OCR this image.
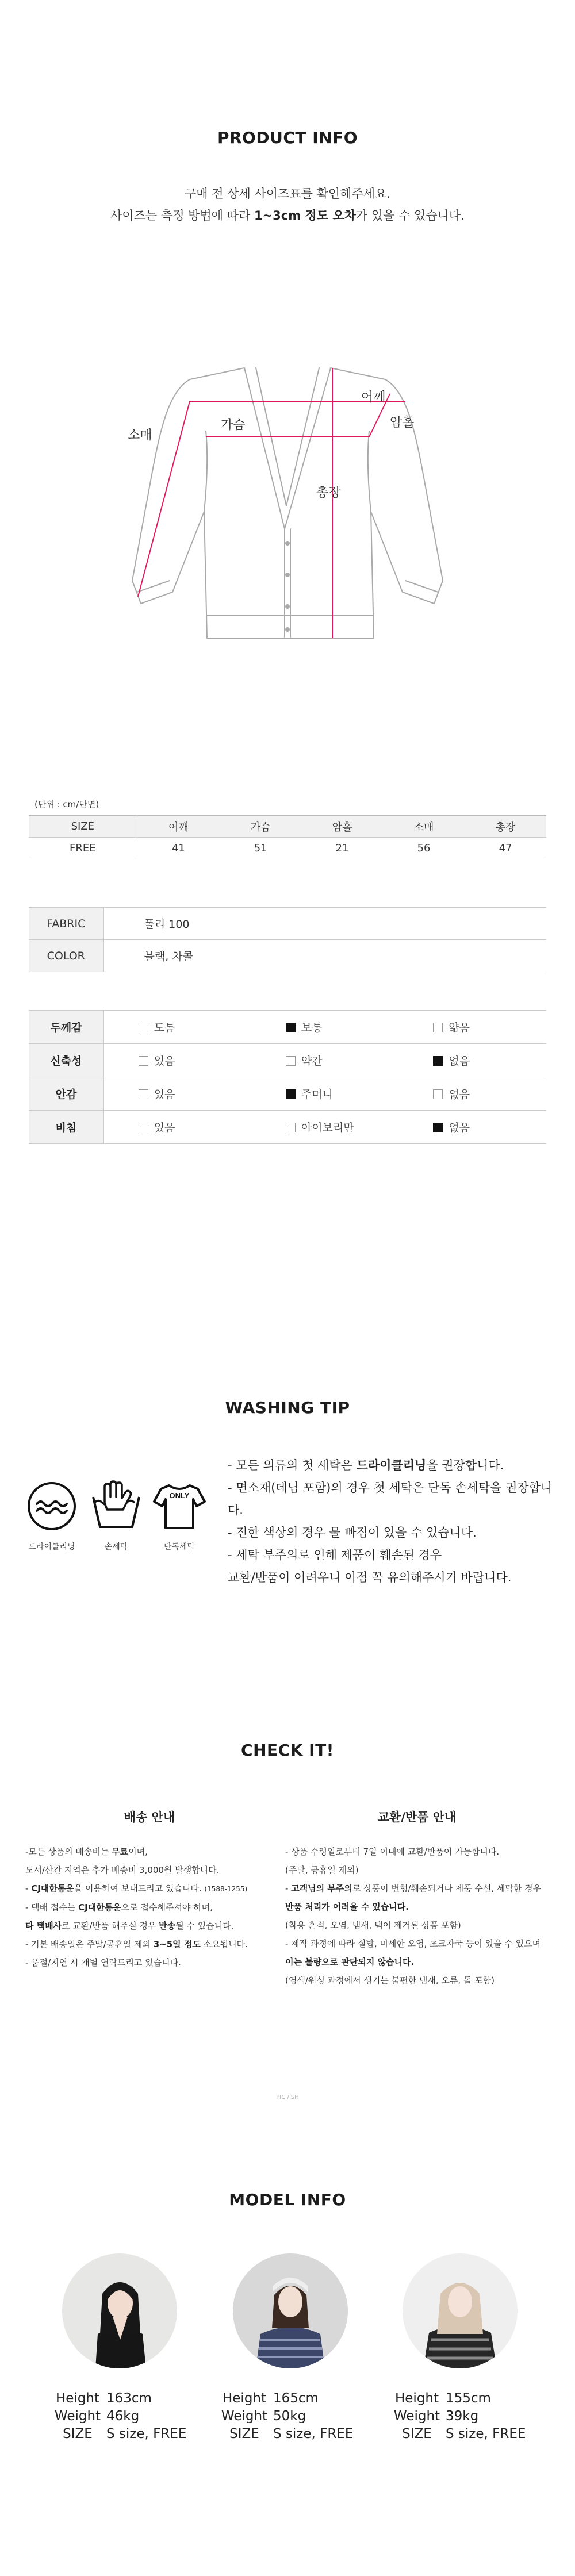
PRODUCT INFO
구매 전 상세 사이즈표를 확인해주세요.
사이즈는 측정 방법에 따라 1~3cm 정도 오차가 있을 수 있습니다.
어깨
가슴	암홀
소매
총장
(단위 : cm/단면)
SIZE	어깨	가슴	암홀	소매	총장
FREE	41	51	21	56	47
FABRIC	폴리 100
COLOR	블랙, 차콜
두께감	도톰	보통	얇음
신축성	있음	약간	없음
안감	있음	주머니	없음
비침	있음	아이보리만	없음
WASHING TIP
ONLY
드라이클리닝	손세탁	단독세탁
- 모든 의류의 첫 세탁은 드라이클리닝을 권장합니다.
- 면소재(데님 포함)의 경우 첫 세탁은 단독 손세탁을 권장합니다.
- 진한 색상의 경우 물 빠짐이 있을 수 있습니다.
- 세탁 부주의로 인해 제품이 훼손된 경우
교환/반품이 어려우니 이점 꼭 유의해주시기 바랍니다.
CHECK IT!
배송 안내
-모든 상품의 배송비는 무료이며,
도서/산간 지역은 추가 배송비 3,000원 발생합니다.
- CJ대한통운을 이용하여 보내드리고 있습니다. (1588-1255)
- 택배 접수는 CJ대한통운으로 접수해주셔야 하며,
타 택배사로 교환/반품 해주실 경우 반송될 수 있습니다.
- 기본 배송일은 주말/공휴일 제외 3~5일 정도 소요됩니다.
- 품절/지연 시 개별 연락드리고 있습니다.
교환/반품 안내
- 상품 수령일로부터 7일 이내에 교환/반품이 가능합니다.
(주말, 공휴일 제외)
- 고객님의 부주의로 상품이 변형/훼손되거나 제품 수선, 세탁한 경우
반품 처리가 어려울 수 있습니다.
(착용 흔적, 오염, 냄새, 택이 제거된 상품 포함)
- 제작 과정에 따라 실밥, 미세한 오염, 초크자국 등이 있을 수 있으며
이는 불량으로 판단되지 않습니다.
(염색/워싱 과정에서 생기는 불편한 냄새, 오류, 돌 포함)
PIC / SH
MODEL INFO
Height 163cm
Weight 46kg
SIZE S size, FREE
Height 165cm
Weight 50kg
SIZE S size, FREE
Height 155cm
Weight 39kg
SIZE S size, FREE
